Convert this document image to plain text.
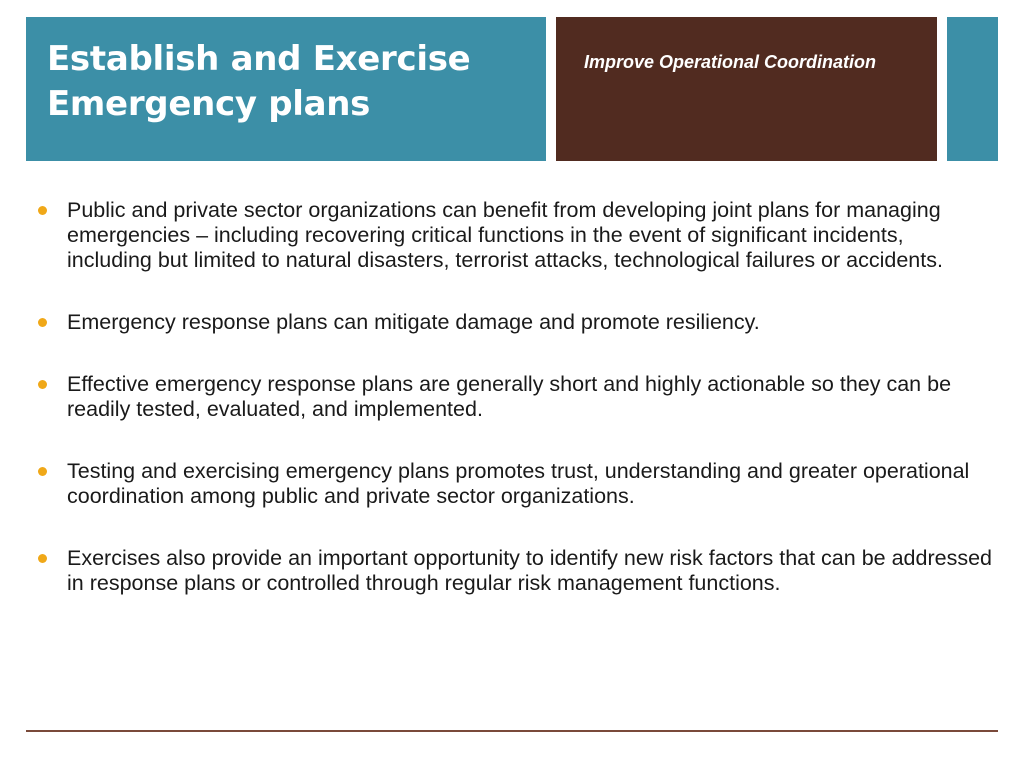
Establish and Exercise Emergency plans

Improve Operational Coordination

Public and private sector organizations can benefit from developing joint plans for managing emergencies – including recovering critical functions in the event of significant incidents, including but limited to natural disasters, terrorist attacks, technological failures or accidents.
Emergency response plans can mitigate damage and promote resiliency.
Effective emergency response plans are generally short and highly actionable so they can be readily tested, evaluated, and implemented.
Testing and exercising emergency plans promotes trust, understanding and greater operational coordination among public and private sector organizations.
Exercises also provide an important opportunity to identify new risk factors that can be addressed in response plans or controlled through regular risk management functions.
